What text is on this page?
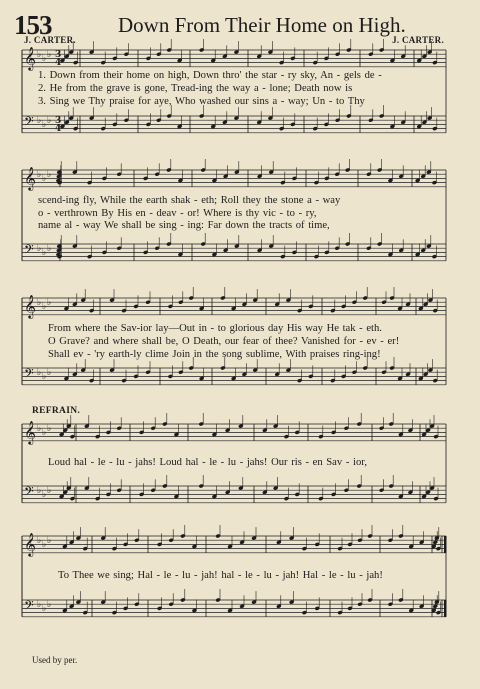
𝄞 ♭ ♭ ♭
𝄢 ♭ ♭ ♭
3
3
4
4
𝄞 ♭ ♭ ♭
𝄢 ♭ ♭ ♭
𝄞 ♭ ♭ ♭
𝄢 ♭ ♭ ♭
𝄞 ♭ ♭ ♭
𝄢 ♭ ♭ ♭
𝄞 ♭ ♭ ♭
𝄢 ♭ ♭ ♭
153	Down From Their Home on High.
J. CARTER.	J. CARTER.
1. Down from their home on high, Down thro' the star - ry sky, An - gels de -
2. He from the grave is gone, Tread-ing the way a - lone; Death now is
3. Sing we Thy praise for aye, Who washed our sins a - way; Un - to Thy
scend-ing fly, While the earth shak - eth; Roll they the stone a - way
o - verthrown By His en - deav - or! Where is thy vic - to - ry,
name al - way We shall be sing - ing: Far down the tracts of time,
From where the Sav-ior lay—Out in - to glorious day His way He tak - eth.
O Grave? and where shall be, O Death, our fear of thee? Vanished for - ev - er!
Shall ev - 'ry earth-ly clime Join in the song sublime, With praises ring-ing!
REFRAIN.
Loud hal - le - lu - jahs! Loud hal - le - lu - jahs! Our ris - en Sav - ior,
To Thee we sing; Hal - le - lu - jah! hal - le - lu - jah! Hal - le - lu - jah!
Used by per.
